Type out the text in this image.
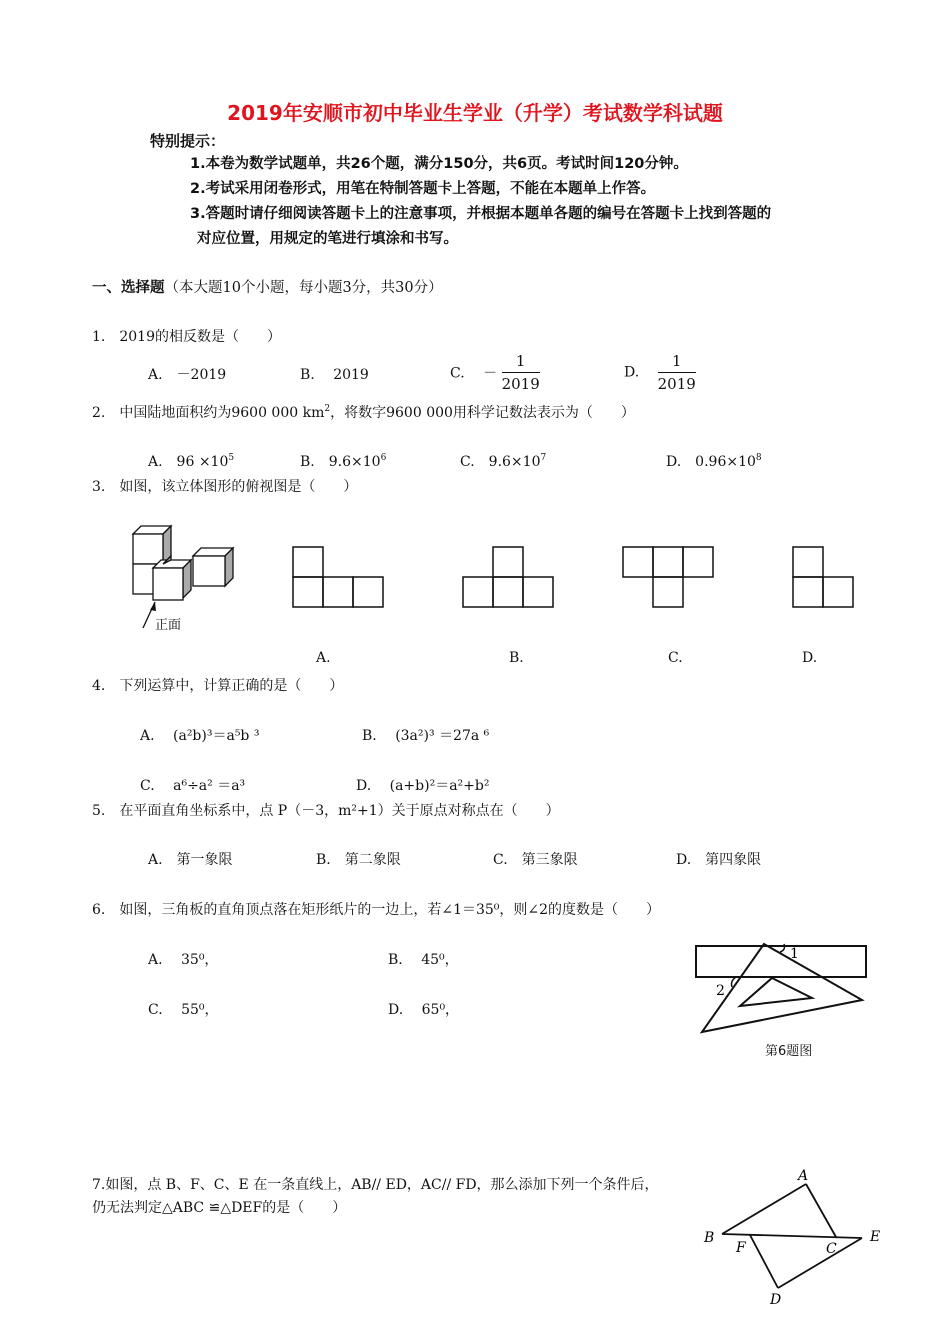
2019年安顺市初中毕业生学业（升学）考试数学科试题
特别提示：
1.本卷为数学试题单，共26个题，满分150分，共6页。考试时间120分钟。
2.考试采用闭卷形式，用笔在特制答题卡上答题，不能在本题单上作答。
3.答题时请仔细阅读答题卡上的注意事项，并根据本题单各题的编号在答题卡上找到答题的
对应位置，用规定的笔进行填涂和书写。
一、选择题（本大题10个小题，每小题3分，共30分）
1.　2019的相反数是（　　）
A.　－2019	B.　 2019	C.　 － $\frac{1}{2019}$	D. $\frac{1}{2019}$
2.　中国陆地面积约为9600 000 $km^2$，将数字9600 000用科学记数法表示为（　　）
A.　$96 \times 10^5$	B.　$9.6\times 10^6$	C.　$9.6\times 10^7$	D.　$0.96\times 10^8$
3.　如图，该立体图形的俯视图是（　　）
正面
A.	B.	C.	D.
4.　下列运算中，计算正确的是（　　）
A.　 (a²b)³＝a⁵b ³	B.　 (3a²)³ ＝27a ⁶
C.　 a⁶÷a² ＝a³	D.　 (a+b)²＝a²+b²
5.　在平面直角坐标系中，点 P（－3，m²+1）关于原点对称点在（　　）
A.　第一象限	B.　第二象限	C.　第三象限	D.　第四象限
6.　如图，三角板的直角顶点落在矩形纸片的一边上，若∠1＝35⁰，则∠2的度数是（　　）
A.　 35⁰，	B.　 45⁰，
C.　 55⁰，	D.　 65⁰，
1
2
第6题图
7.如图，点 B、F、C、E 在一条直线上，AB// ED，AC// FD，那么添加下列一个条件后，
仍无法判定△ABC ≌△DEF的是（　　）
A
B
F	C
E
D
